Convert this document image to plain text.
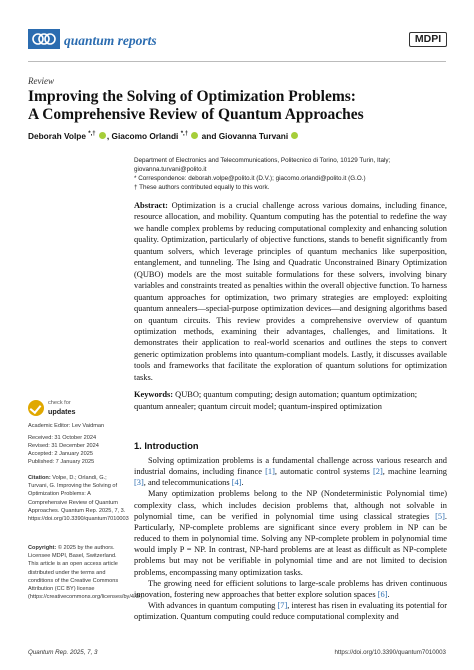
quantum reports	MDPI
Review
Improving the Solving of Optimization Problems:
A Comprehensive Review of Quantum Approaches
Deborah Volpe *,† , Giacomo Orlandi *,†  and Giovanna Turvani
Department of Electronics and Telecommunications, Politecnico di Torino, 10129 Turin, Italy;
giovanna.turvani@polito.it
* Correspondence: deborah.volpe@polito.it (D.V.); giacomo.orlandi@polito.it (G.O.)
† These authors contributed equally to this work.
Abstract: Optimization is a crucial challenge across various domains, including finance, resource allocation, and mobility. Quantum computing has the potential to redefine the way we handle complex problems by reducing computational complexity and enhancing solution quality. Optimization, particularly of objective functions, stands to benefit significantly from quantum solvers, which leverage principles of quantum mechanics like superposition, entanglement, and tunneling. The Ising and Quadratic Unconstrained Binary Optimization (QUBO) models are the most suitable formulations for these solvers, involving binary variables and constraints treated as penalties within the overall objective function. To harness quantum approaches for optimization, two primary strategies are employed: exploiting quantum annealers—special-purpose optimization devices—and designing algorithms based on quantum circuits. This review provides a comprehensive overview of quantum optimization methods, examining their advantages, challenges, and limitations. It demonstrates their application to real-world scenarios and outlines the steps to convert generic optimization problems into quantum-compliant models. Lastly, it discusses available tools and frameworks that facilitate the exploration of quantum solutions for optimization tasks.
Keywords: QUBO; quantum computing; design automation; quantum optimization; quantum annealer; quantum circuit model; quantum-inspired optimization
check for
updates
Academic Editor: Lev Vaidman
Received: 31 October 2024
Revised: 31 December 2024
Accepted: 2 January 2025
Published: 7 January 2025
Citation: Volpe, D.; Orlandi, G.; Turvani, G. Improving the Solving of Optimization Problems: A Comprehensive Review of Quantum Approaches. Quantum Rep. 2025, 7, 3. https://doi.org/10.3390/quantum7010003
Copyright: © 2025 by the authors. Licensee MDPI, Basel, Switzerland. This article is an open access article distributed under the terms and conditions of the Creative Commons Attribution (CC BY) license (https://creativecommons.org/licenses/by/4.0/).
1. Introduction

Solving optimization problems is a fundamental challenge across various research and industrial domains, including finance [1], automatic control systems [2], machine learning [3], and telecommunications [4].

Many optimization problems belong to the NP (Nondeterministic Polynomial time) complexity class, which includes decision problems that, although not solvable in polynomial time, can be verified in polynomial time using classical strategies [5]. Particularly, NP-complete problems are significant since every problem in NP can be reduced to them in polynomial time. Solving any NP-complete problem in polynomial time would imply P = NP. In contrast, NP-hard problems are at least as difficult as NP-complete problems but may not be verifiable in polynomial time and are not limited to decision problems, encompassing many optimization tasks.

The growing need for efficient solutions to large-scale problems has driven continuous innovation, fostering new approaches that better explore solution spaces [6].

With advances in quantum computing [7], interest has risen in evaluating its potential for optimization. Quantum computing could reduce computational complexity and

Quantum Rep. 2025, 7, 3	https://doi.org/10.3390/quantum7010003
